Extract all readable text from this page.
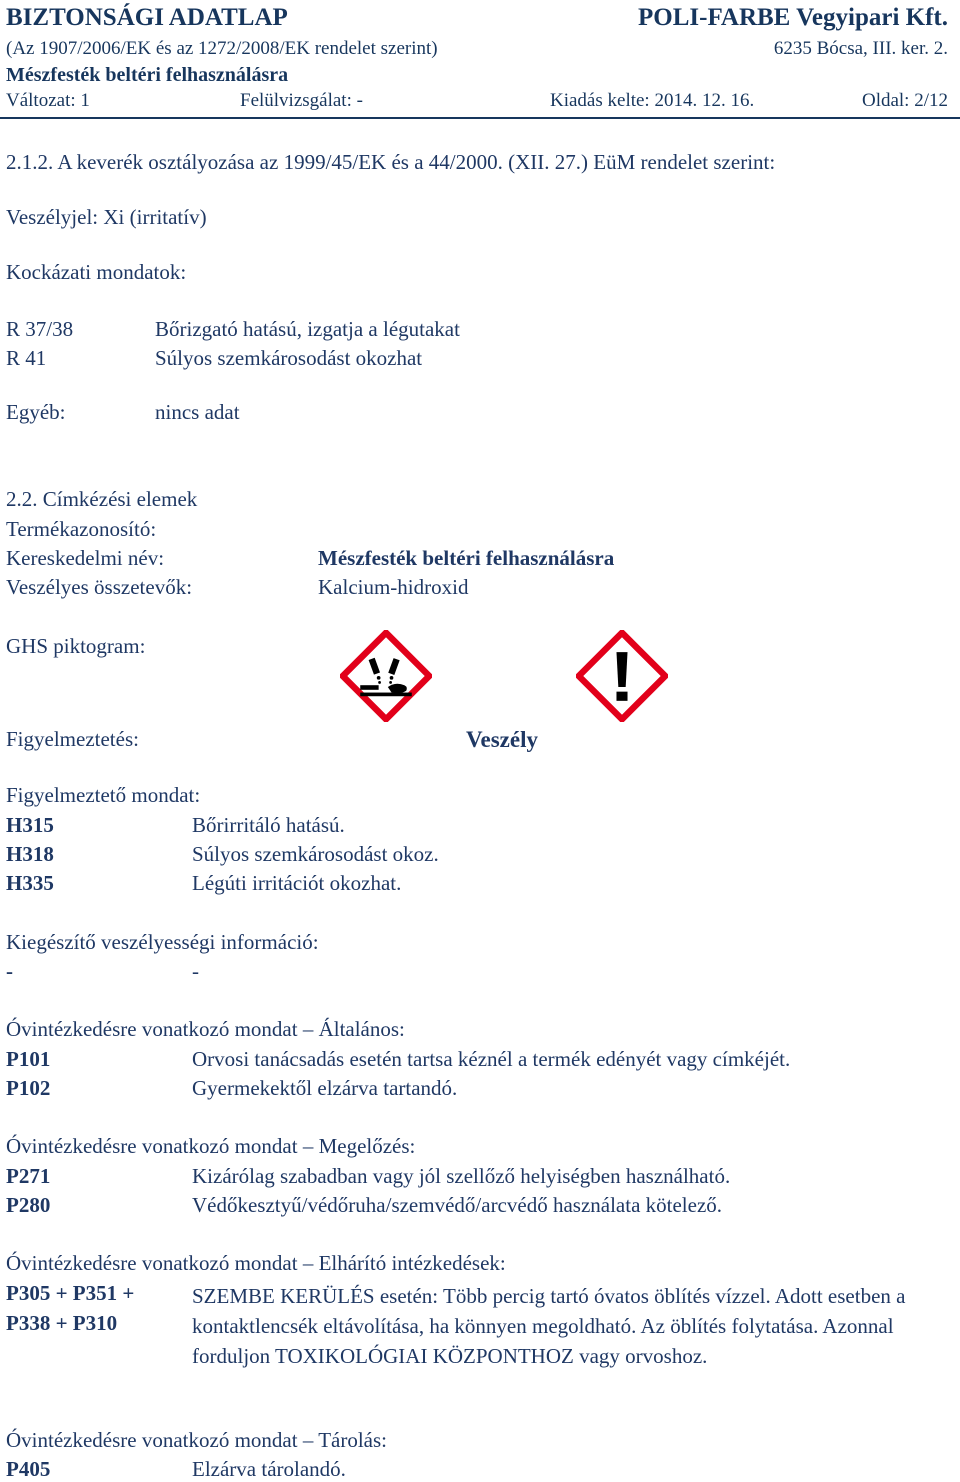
BIZTONSÁGI ADATLAP	POLI-FARBE Vegyipari Kft.
(Az 1907/2006/EK és az 1272/2008/EK rendelet szerint)	6235 Bócsa, III. ker. 2.
Mészfesték beltéri felhasználásra
Változat: 1	Felülvizsgálat: -	Kiadás kelte: 2014. 12. 16.	Oldal: 2/12
2.1.2. A keverék osztályozása az 1999/45/EK és a 44/2000. (XII. 27.) EüM rendelet szerint:
Veszélyjel: Xi (irritatív)
Kockázati mondatok:
R 37/38	Bőrizgató hatású, izgatja a légutakat
R 41	Súlyos szemkárosodást okozhat
Egyéb:	nincs adat
2.2. Címkézési elemek
Termékazonosító:
Kereskedelmi név:	Mészfesték beltéri felhasználásra
Veszélyes összetevők:	Kalcium-hidroxid
GHS piktogram:
Figyelmeztetés:	Veszély
Figyelmeztető mondat:
H315	Bőrirritáló hatású.
H318	Súlyos szemkárosodást okoz.
H335	Légúti irritációt okozhat.
Kiegészítő veszélyességi információ:
-	-
Óvintézkedésre vonatkozó mondat – Általános:
P101	Orvosi tanácsadás esetén tartsa kéznél a termék edényét vagy címkéjét.
P102	Gyermekektől elzárva tartandó.
Óvintézkedésre vonatkozó mondat – Megelőzés:
P271	Kizárólag szabadban vagy jól szellőző helyiségben használható.
P280	Védőkesztyű/védőruha/szemvédő/arcvédő használata kötelező.
Óvintézkedésre vonatkozó mondat – Elhárító intézkedések:
P305 + P351 +
P338 + P310
SZEMBE KERÜLÉS esetén: Több percig tartó óvatos öblítés vízzel. Adott esetben a kontaktlencsék eltávolítása, ha könnyen megoldható. Az öblítés folytatása. Azonnal forduljon TOXIKOLÓGIAI KÖZPONTHOZ vagy orvoshoz.
Óvintézkedésre vonatkozó mondat – Tárolás:
P405	Elzárva tárolandó.
